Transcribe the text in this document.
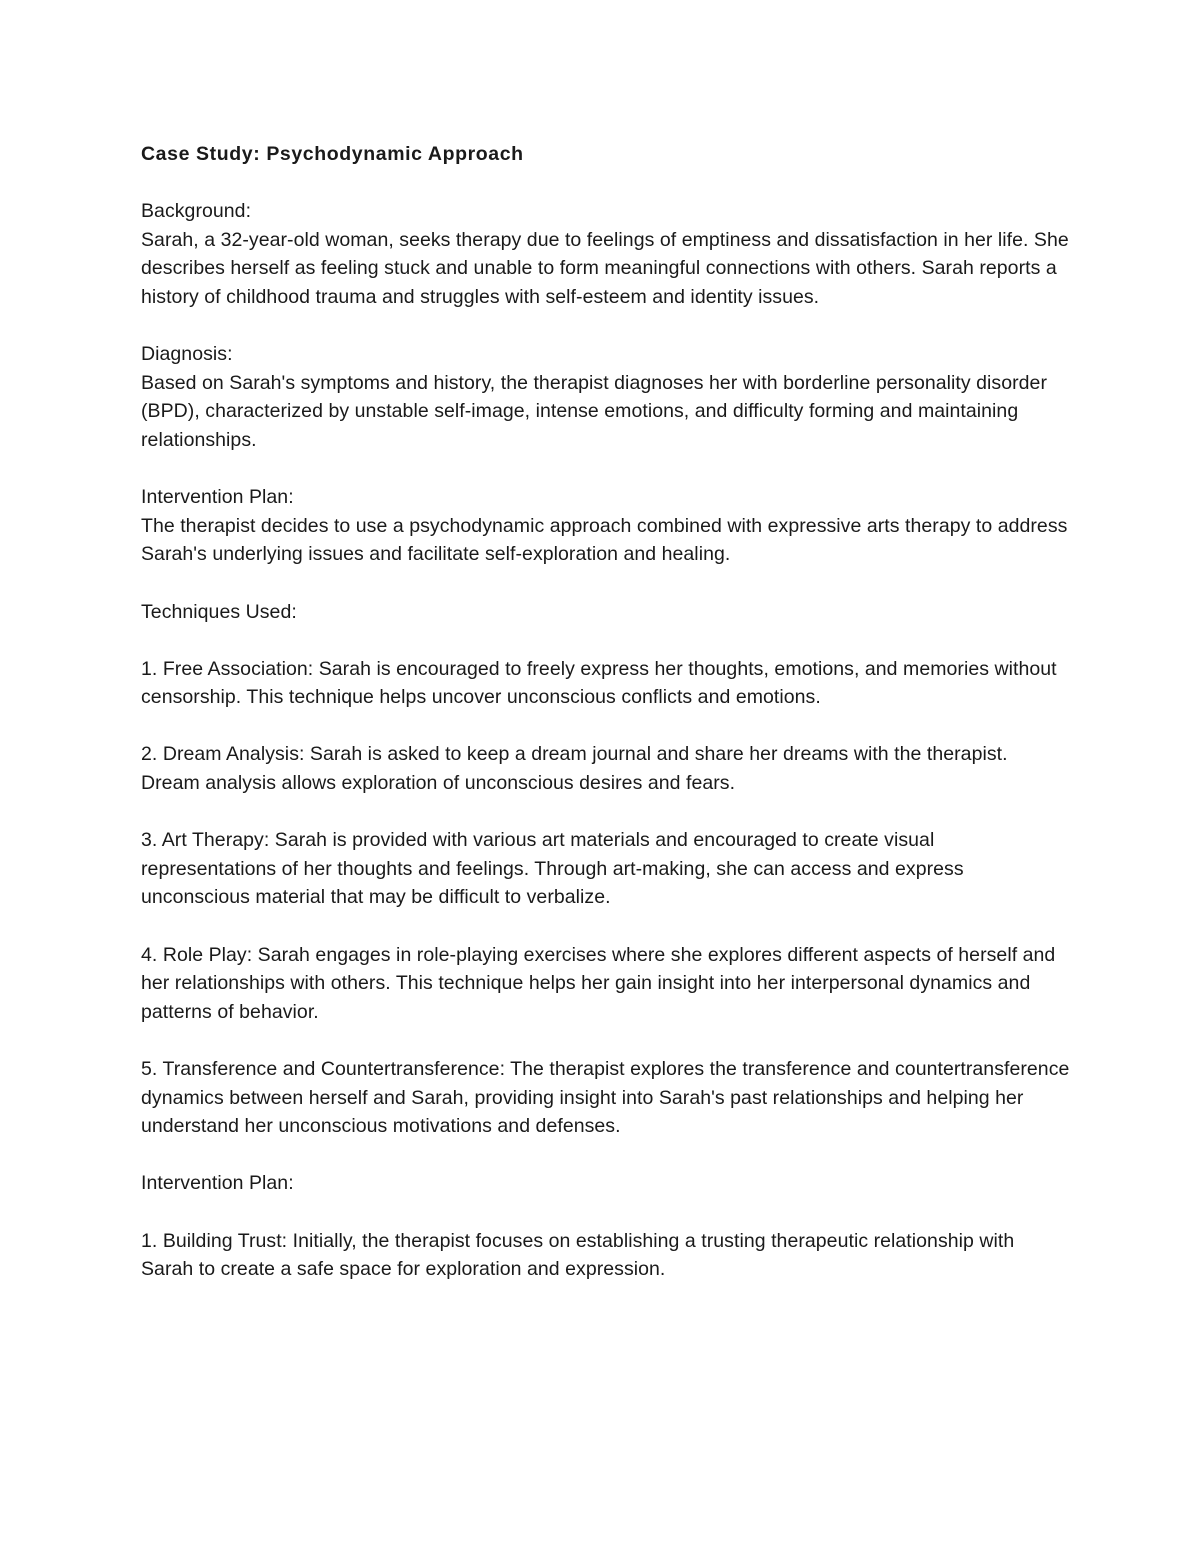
Case Study: Psychodynamic Approach

Background:

Sarah, a 32-year-old woman, seeks therapy due to feelings of emptiness and dissatisfaction in her life. She describes herself as feeling stuck and unable to form meaningful connections with others. Sarah reports a history of childhood trauma and struggles with self-esteem and identity issues.

Diagnosis:

Based on Sarah's symptoms and history, the therapist diagnoses her with borderline personality disorder (BPD), characterized by unstable self-image, intense emotions, and difficulty forming and maintaining relationships.

Intervention Plan:

The therapist decides to use a psychodynamic approach combined with expressive arts therapy to address Sarah's underlying issues and facilitate self-exploration and healing.

Techniques Used:

1. Free Association: Sarah is encouraged to freely express her thoughts, emotions, and memories without censorship. This technique helps uncover unconscious conflicts and emotions.

2. Dream Analysis: Sarah is asked to keep a dream journal and share her dreams with the therapist. Dream analysis allows exploration of unconscious desires and fears.

3. Art Therapy: Sarah is provided with various art materials and encouraged to create visual representations of her thoughts and feelings. Through art-making, she can access and express unconscious material that may be difficult to verbalize.

4. Role Play: Sarah engages in role-playing exercises where she explores different aspects of herself and her relationships with others. This technique helps her gain insight into her interpersonal dynamics and patterns of behavior.

5. Transference and Countertransference: The therapist explores the transference and countertransference dynamics between herself and Sarah, providing insight into Sarah's past relationships and helping her understand her unconscious motivations and defenses.

Intervention Plan:

1. Building Trust: Initially, the therapist focuses on establishing a trusting therapeutic relationship with Sarah to create a safe space for exploration and expression.
